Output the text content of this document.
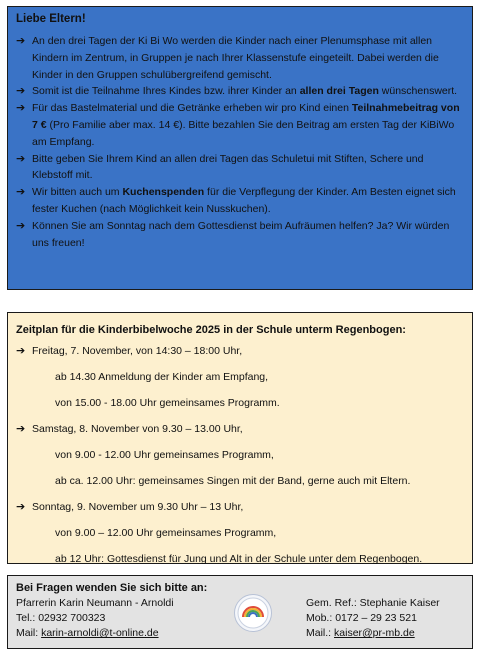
Liebe Eltern!
➔ An den drei Tagen der Ki Bi Wo werden die Kinder nach einer Plenumsphase mit allen Kindern im Zentrum, in Gruppen je nach Ihrer Klassenstufe eingeteilt. Dabei werden die Kinder in den Gruppen schulübergreifend gemischt.
➔ Somit ist die Teilnahme Ihres Kindes bzw. ihrer Kinder an allen drei Tagen wünschenswert.
➔ Für das Bastelmaterial und die Getränke erheben wir pro Kind einen Teilnahmebeitrag von 7 € (Pro Familie aber max. 14 €). Bitte bezahlen Sie den Beitrag am ersten Tag der KiBiWo am Empfang.
➔ Bitte geben Sie Ihrem Kind an allen drei Tagen das Schuletui mit Stiften, Schere und Klebstoff mit.
➔ Wir bitten auch um Kuchenspenden für die Verpflegung der Kinder. Am Besten eignet sich fester Kuchen (nach Möglichkeit kein Nusskuchen).
➔ Können Sie am Sonntag nach dem Gottesdienst beim Aufräumen helfen? Ja? Wir würden uns freuen!
Zeitplan für die Kinderbibelwoche 2025 in der Schule unterm Regenbogen:
➔ Freitag, 7. November, von 14:30 – 18:00 Uhr,
ab 14.30 Anmeldung der Kinder am Empfang,
von 15.00 - 18.00 Uhr gemeinsames Programm.
➔ Samstag, 8. November von 9.30 – 13.00 Uhr,
von 9.00 - 12.00 Uhr gemeinsames Programm,
ab ca. 12.00 Uhr: gemeinsames Singen mit der Band, gerne auch mit Eltern.
➔ Sonntag, 9. November um 9.30 Uhr – 13 Uhr,
von 9.00 – 12.00 Uhr gemeinsames Programm,
ab 12 Uhr: Gottesdienst für Jung und Alt in der Schule unter dem Regenbogen.
Bei Fragen wenden Sie sich bitte an:
Pfarrerin Karin Neumann - Arnoldi
Tel.: 02932 700323
Mail: karin-arnoldi@t-online.de
Gem. Ref.: Stephanie Kaiser
Mob.: 0172 – 29 23 521
Mail.: kaiser@pr-mb.de
